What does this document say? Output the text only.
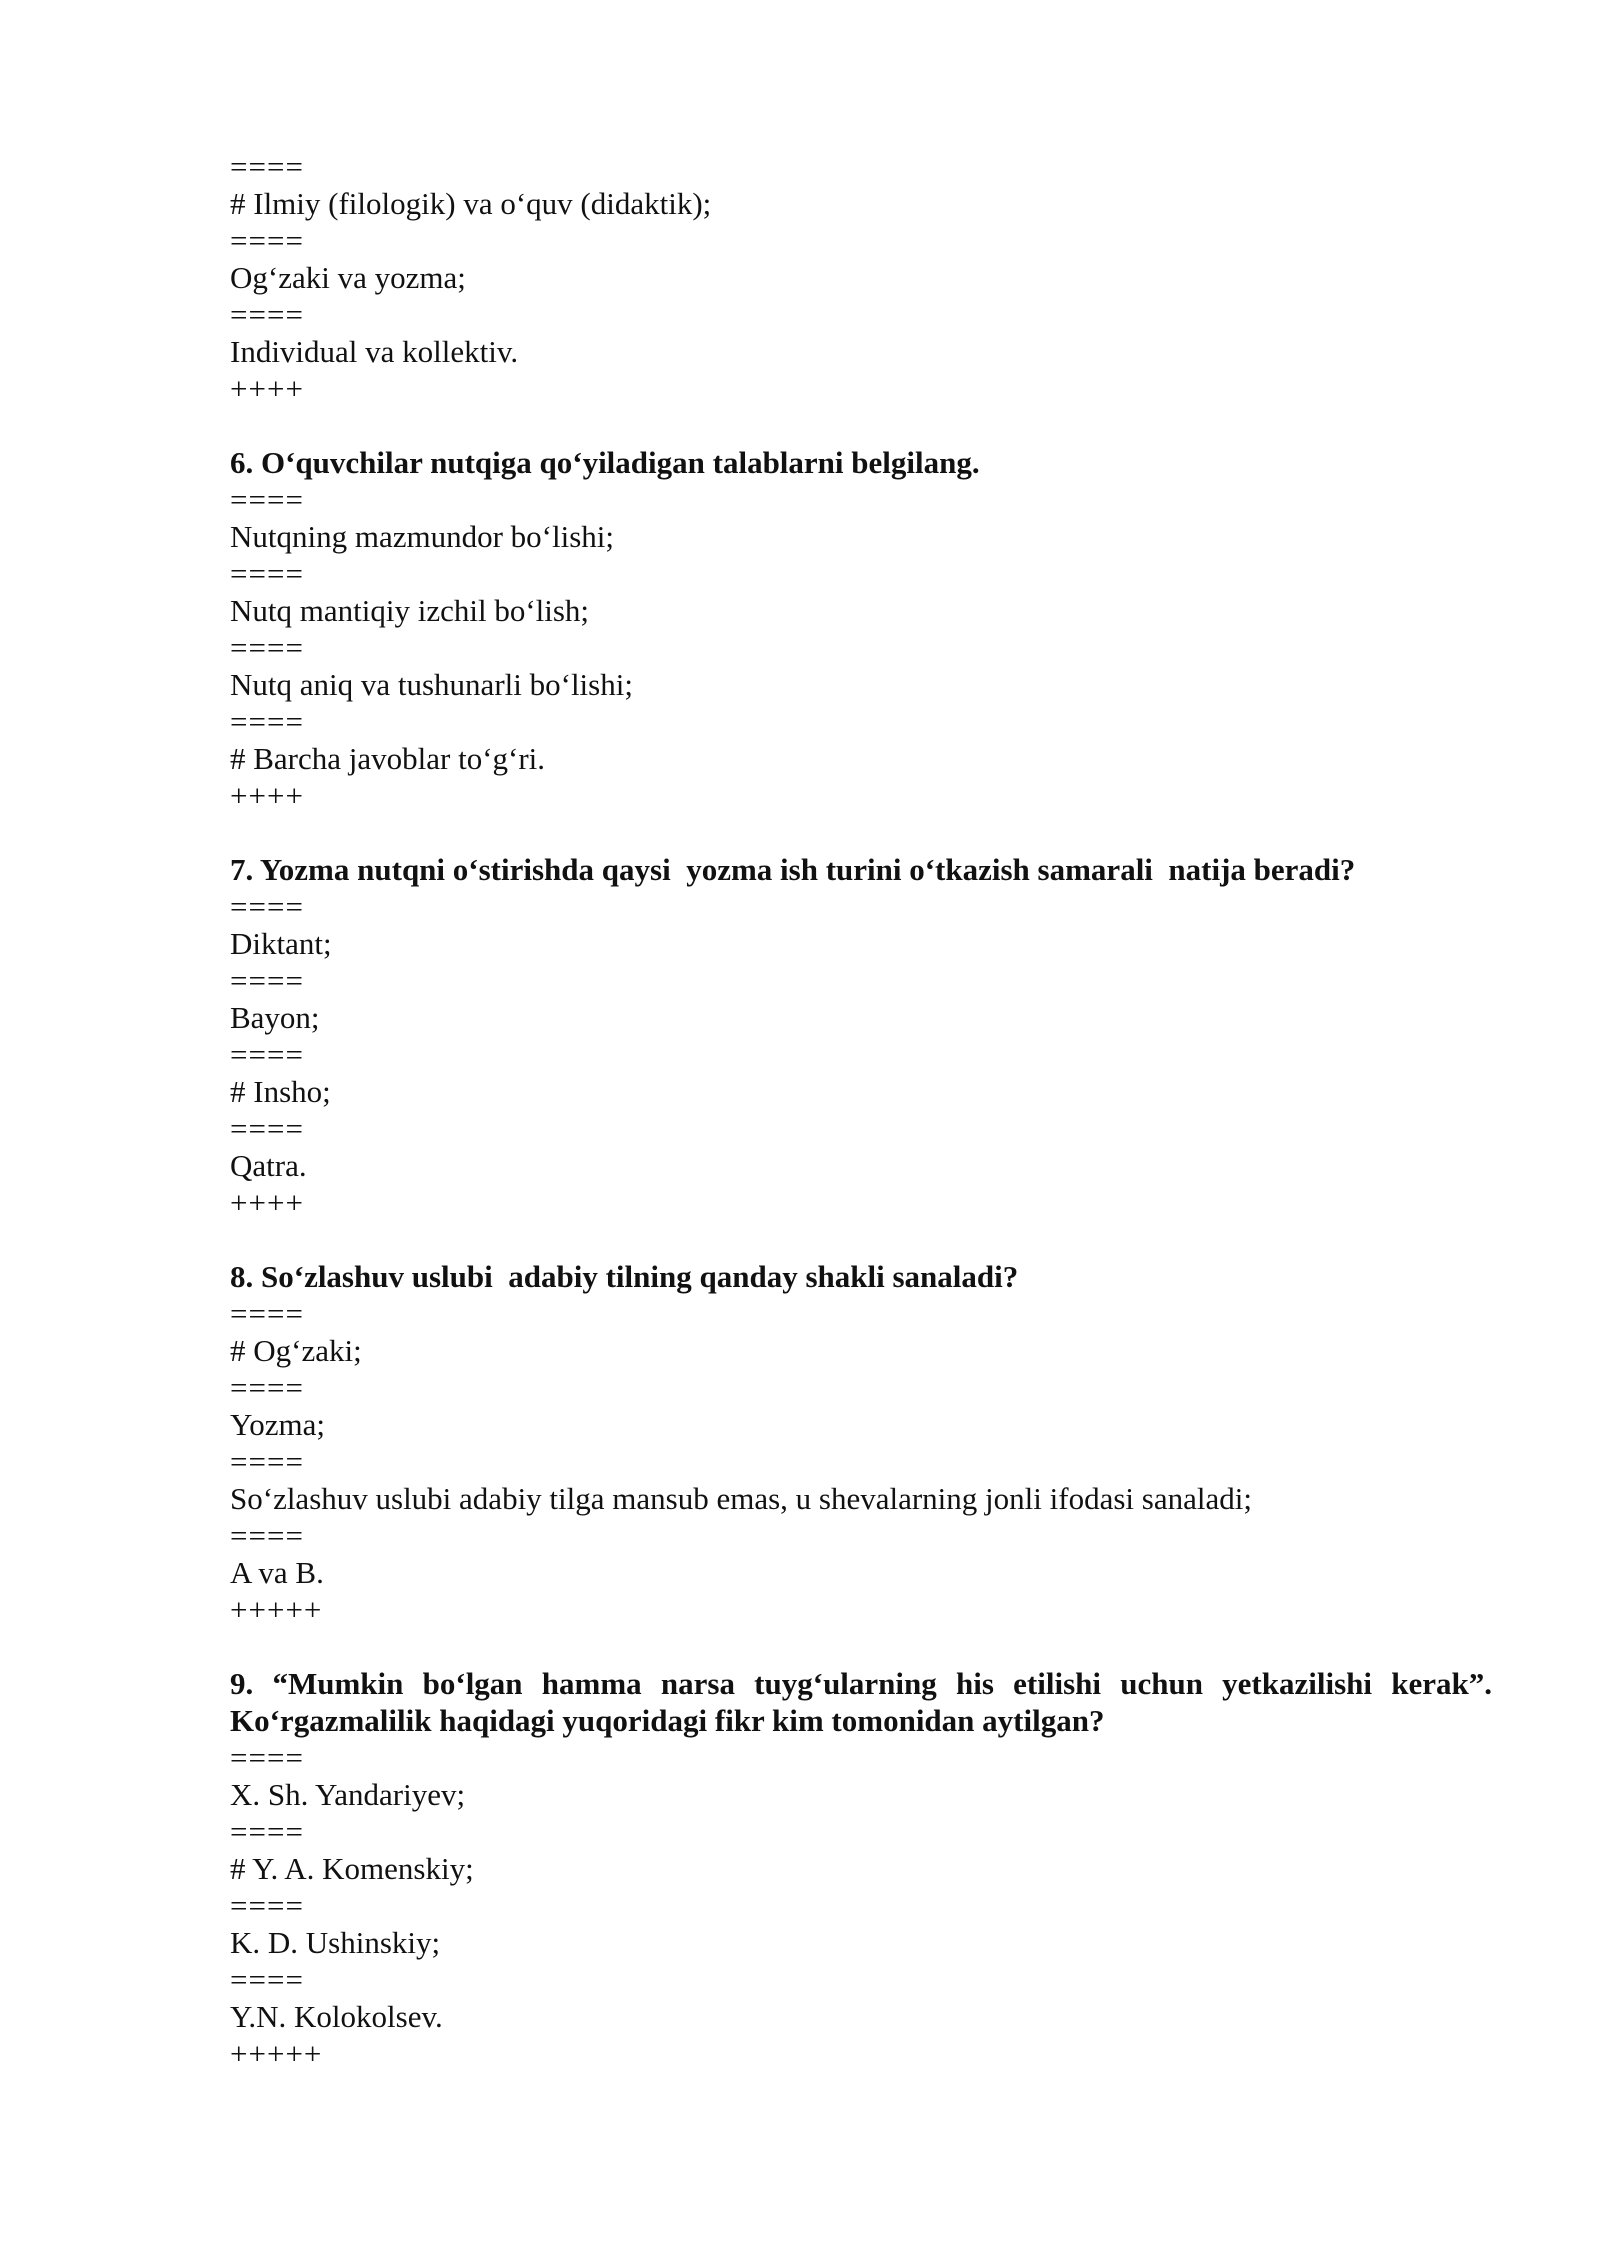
====
# Ilmiy (filologik) va o‘quv (didaktik);
====
Og‘zaki va yozma;
====
Individual va kollektiv.
++++
6. O‘quvchilar nutqiga qo‘yiladigan talablarni belgilang.
====
Nutqning mazmundor bo‘lishi;
====
Nutq mantiqiy izchil bo‘lish;
====
Nutq aniq va tushunarli bo‘lishi;
====
# Barcha javoblar to‘g‘ri.
++++
7. Yozma nutqni o‘stirishda qaysi  yozma ish turini o‘tkazish samarali  natija beradi?
====
Diktant;
====
Bayon;
====
# Insho;
====
Qatra.
++++
8. So‘zlashuv uslubi  adabiy tilning qanday shakli sanaladi?
====
# Og‘zaki;
====
Yozma;
====
So‘zlashuv uslubi adabiy tilga mansub emas, u shevalarning jonli ifodasi sanaladi;
====
A va B.
+++++
9. “Mumkin bo‘lgan hamma narsa tuyg‘ularning his etilishi uchun yetkazilishi kerak”.
Ko‘rgazmalilik haqidagi yuqoridagi fikr kim tomonidan aytilgan?
====
X. Sh. Yandariyev;
====
# Y. A. Komenskiy;
====
K. D. Ushinskiy;
====
Y.N. Kolokolsev.
+++++
